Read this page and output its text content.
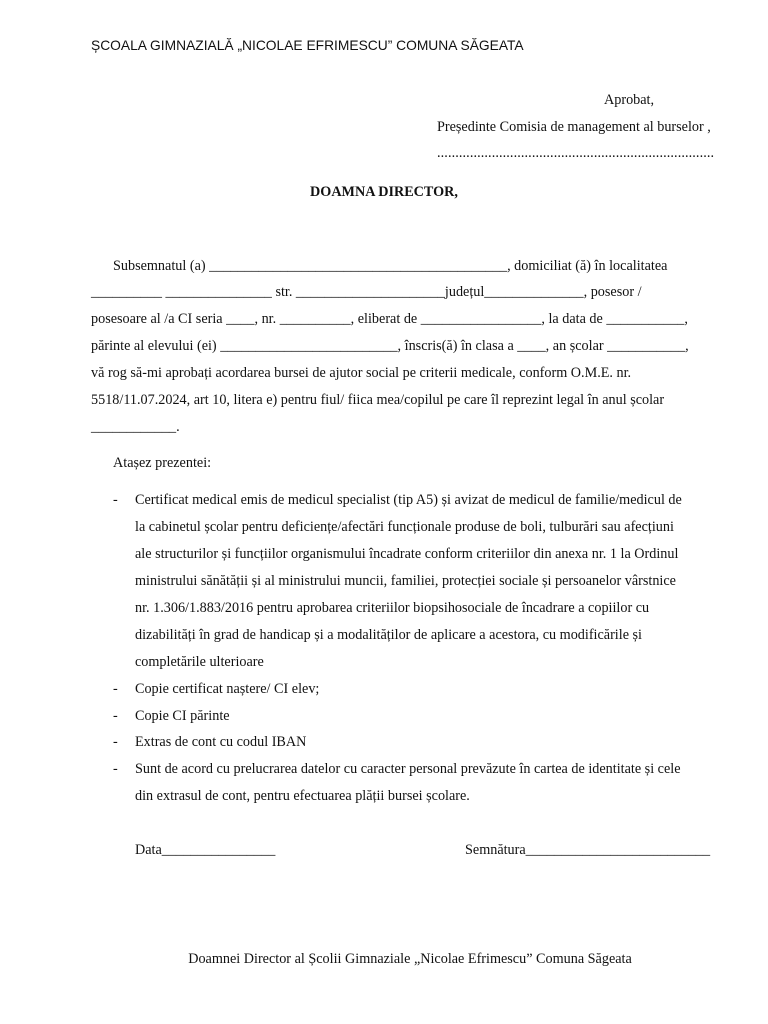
ȘCOALA GIMNAZIALĂ „NICOLAE EFRIMESCU” COMUNA SĂGEATA

Aprobat,

Președinte Comisia de management al burselor ,

............................................................................

DOAMNA DIRECTOR,

Subsemnatul (a) __________________________________________, domiciliat (ă) în localitatea

__________ _______________ str. _____________________județul______________, posesor /

posesoare al /a CI seria ____, nr. __________, eliberat de _________________, la data de ___________,

părinte al elevului (ei) _________________________, înscris(ă) în clasa a ____, an școlar ___________,

vă rog să-mi aprobați acordarea bursei de ajutor social pe criterii medicale, conform O.M.E. nr.

5518/11.07.2024, art 10, litera e) pentru fiul/ fiica mea/copilul pe care îl reprezint legal în anul școlar

____________.

Atașez prezentei:

- Certificat medical emis de medicul specialist (tip A5) și avizat de medicul de familie/medicul de

la cabinetul școlar pentru deficiențe/afectări funcționale produse de boli, tulburări sau afecțiuni

ale structurilor și funcțiilor organismului încadrate conform criteriilor din anexa nr. 1 la Ordinul

ministrului sănătății și al ministrului muncii, familiei, protecției sociale și persoanelor vârstnice

nr. 1.306/1.883/2016 pentru aprobarea criteriilor biopsihosociale de încadrare a copiilor cu

dizabilități în grad de handicap și a modalităților de aplicare a acestora, cu modificările și

completările ulterioare

- Copie certificat naștere/ CI elev;

- Copie CI părinte

- Extras de cont cu codul IBAN

- Sunt de acord cu prelucrarea datelor cu caracter personal prevăzute în cartea de identitate și cele

din extrasul de cont, pentru efectuarea plății bursei școlare.

Data________________	Semnătura__________________________

Doamnei Director al Școlii Gimnaziale „Nicolae Efrimescu” Comuna Săgeata
